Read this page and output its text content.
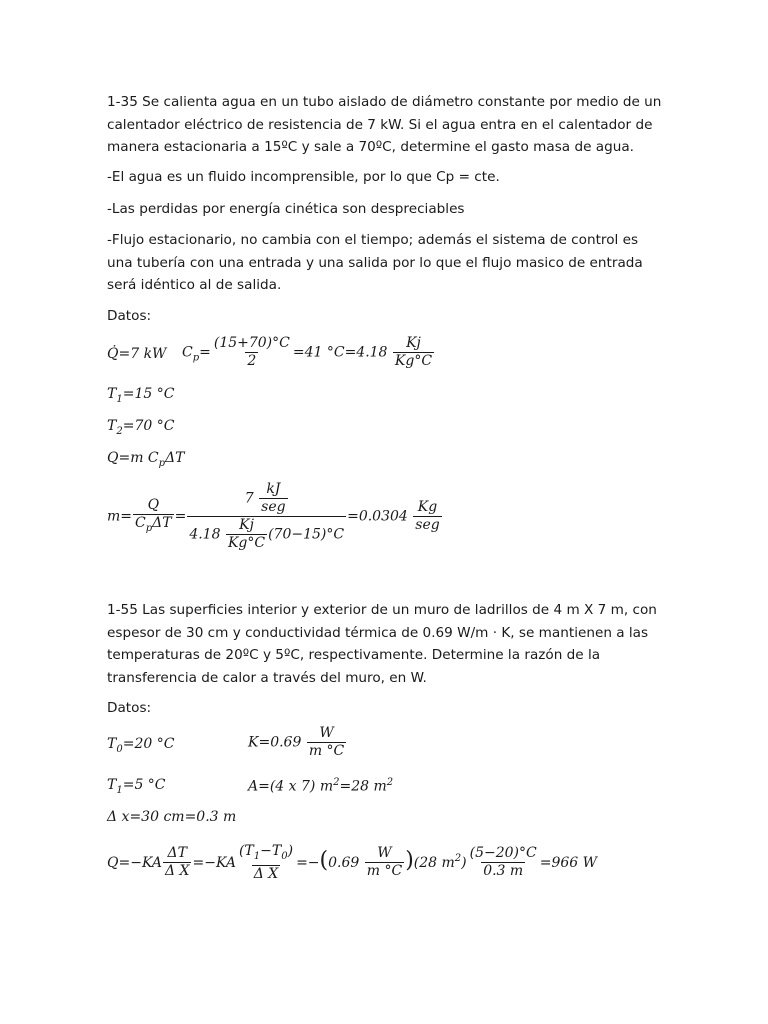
1-35 Se calienta agua en un tubo aislado de diámetro constante por medio de un calentador eléctrico de resistencia de 7 kW. Si el agua entra en el calentador de manera estacionaria a 15ºC y sale a 70ºC, determine el gasto masa de agua.

-El agua es un fluido incomprensible, por lo que Cp = cte.

-Las perdidas por energía cinética son despreciables

-Flujo estacionario, no cambia con el tiempo; además el sistema de control es una tubería con una entrada y una salida por lo que el flujo masico de entrada será idéntico al de salida.

Datos:

Q̇=7 kW $C_p= \frac{(15+70)^\circ C}{2} =41$ $^\circ C=4.18 \frac{Kj}{Kg^\circ C}$
$T_1=15$ °C
$T_2=70$ °C
Q=m $C_p\Delta T$
$m= \frac{Q}{C_p\Delta T} = \frac{7 \frac{kJ}{\text{seg}}}{4.18 \frac{Kj}{Kg^\circ C} (70-15)^\circ C} =0.0304 \frac{Kg}{\text{seg}}$

1-55 Las superficies interior y exterior de un muro de ladrillos de 4 m X 7 m, con espesor de 30 cm y conductividad térmica de 0.69 W/m · K, se mantienen a las temperaturas de 20ºC y 5ºC, respectivamente. Determine la razón de la transferencia de calor a través del muro, en W.

Datos:

$T_0=20$ °C	$K=0.69 \frac{W}{m ^\circ C}$
$T_1=5$ °C	A=(4 x 7) $m^2=28$ $m^2$
Δ x=30 cm=0.3 m
$Q=-KA \frac{\Delta T}{\text{Δ X}} =-KA \frac{(T_1-T_0)}{\text{Δ X}} =-(0.69 \frac{W}{m ^\circ C} )(28$ $m^2) \frac{(5-20)^\circ C}{0.3 m} =966$ W
